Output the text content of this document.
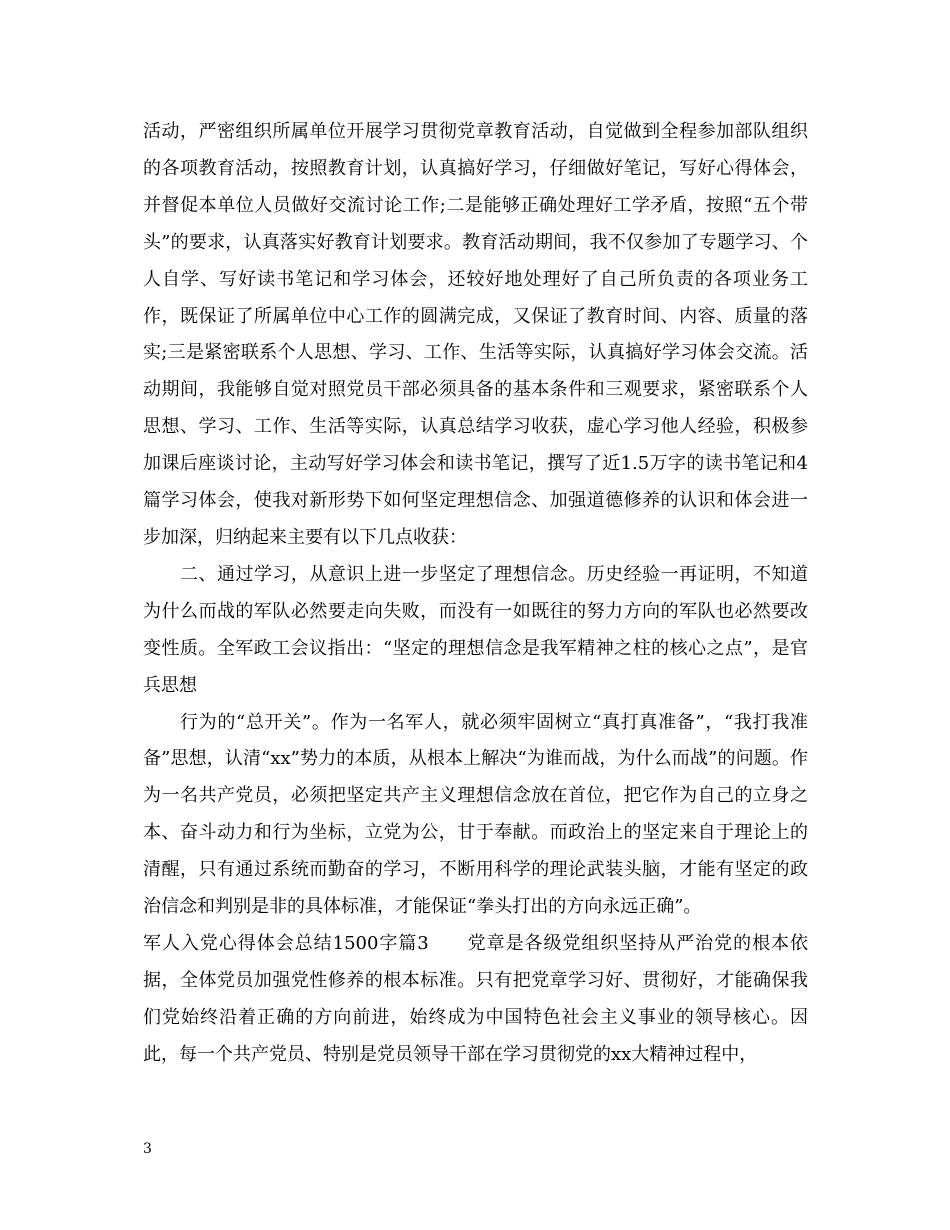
活动，严密组织所属单位开展学习贯彻党章教育活动，自觉做到全程参加部队组织的各项教育活动，按照教育计划，认真搞好学习，仔细做好笔记，写好心得体会，并督促本单位人员做好交流讨论工作;二是能够正确处理好工学矛盾，按照“五个带头”的要求，认真落实好教育计划要求。教育活动期间，我不仅参加了专题学习、个人自学、写好读书笔记和学习体会，还较好地处理好了自己所负责的各项业务工作，既保证了所属单位中心工作的圆满完成，又保证了教育时间、内容、质量的落实;三是紧密联系个人思想、学习、工作、生活等实际，认真搞好学习体会交流。活动期间，我能够自觉对照党员干部必须具备的基本条件和三观要求，紧密联系个人思想、学习、工作、生活等实际，认真总结学习收获，虚心学习他人经验，积极参加课后座谈讨论，主动写好学习体会和读书笔记，撰写了近1.5万字的读书笔记和4篇学习体会，使我对新形势下如何坚定理想信念、加强道德修养的认识和体会进一步加深，归纳起来主要有以下几点收获：

二、通过学习，从意识上进一步坚定了理想信念。历史经验一再证明，不知道为什么而战的军队必然要走向失败，而没有一如既往的努力方向的军队也必然要改变性质。全军政工会议指出：“坚定的理想信念是我军精神之柱的核心之点”，是官兵思想

行为的“总开关”。作为一名军人，就必须牢固树立“真打真准备”，“我打我准备”思想，认清“xx”势力的本质，从根本上解决“为谁而战，为什么而战”的问题。作为一名共产党员，必须把坚定共产主义理想信念放在首位，把它作为自己的立身之本、奋斗动力和行为坐标，立党为公，甘于奉献。而政治上的坚定来自于理论上的清醒，只有通过系统而勤奋的学习，不断用科学的理论武装头脑，才能有坚定的政治信念和判别是非的具体标准，才能保证“拳头打出的方向永远正确”。

军人入党心得体会总结1500字篇3　　党章是各级党组织坚持从严治党的根本依据，全体党员加强党性修养的根本标准。只有把党章学习好、贯彻好，才能确保我们党始终沿着正确的方向前进，始终成为中国特色社会主义事业的领导核心。因此，每一个共产党员、特别是党员领导干部在学习贯彻党的xx大精神过程中，

3
